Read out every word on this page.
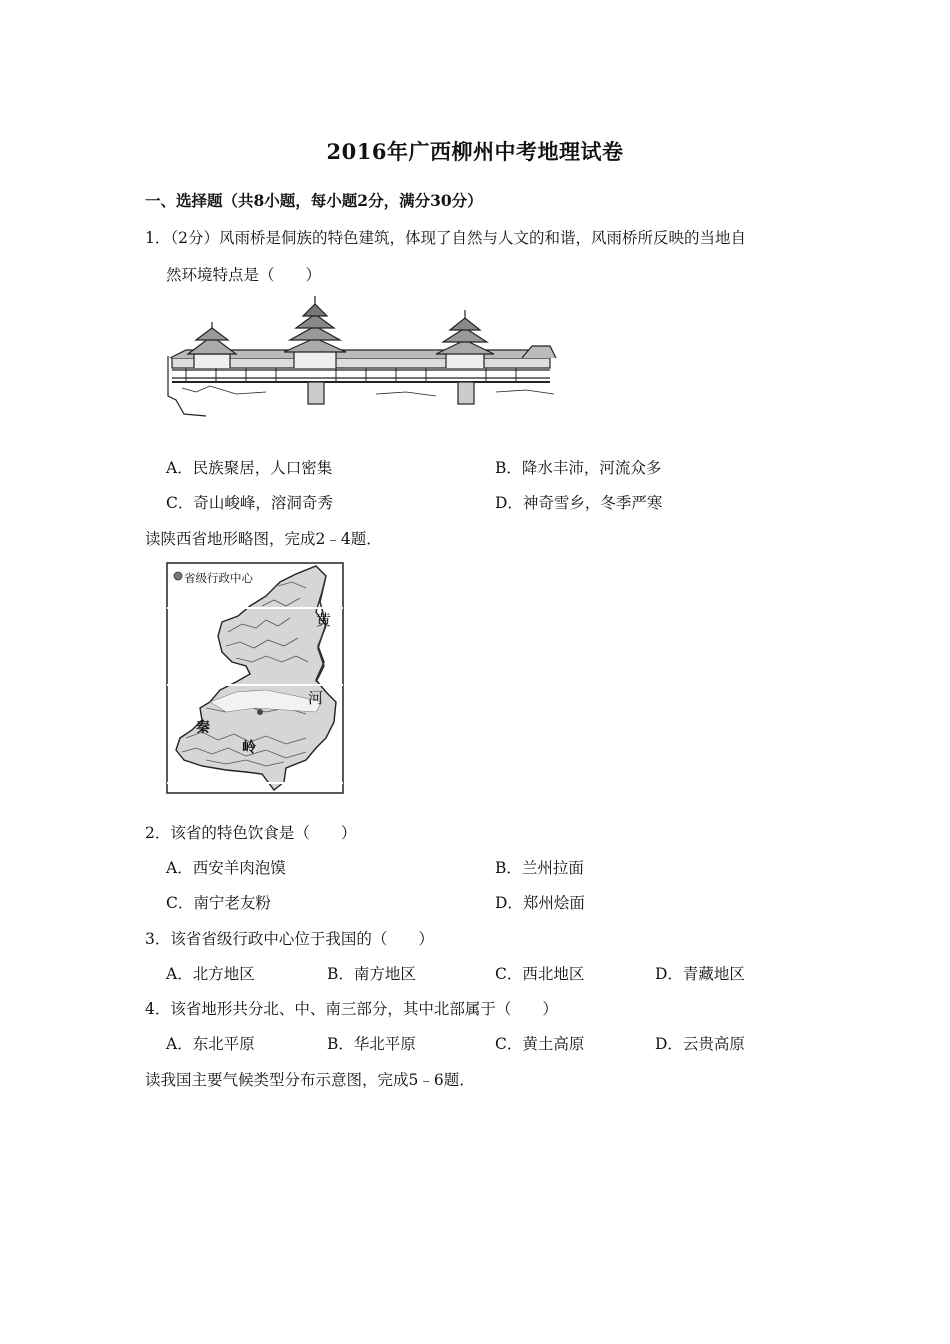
2016年广西柳州中考地理试卷
一、选择题（共8小题，每小题2分，满分30分）
1．（2分）风雨桥是侗族的特色建筑，体现了自然与人文的和谐，风雨桥所反映的当地自
然环境特点是（　　）
A．民族聚居，人口密集	B．降水丰沛，河流众多
C．奇山峻峰，溶洞奇秀	D．神奇雪乡，冬季严寒
读陕西省地形略图，完成2﹣4题．
省级行政中心
黄
河
秦
岭
2．该省的特色饮食是（　　）
A．西安羊肉泡馍	B．兰州拉面
C．南宁老友粉	D．郑州烩面
3．该省省级行政中心位于我国的（　　）
A．北方地区	B．南方地区	C．西北地区	D．青藏地区
4．该省地形共分北、中、南三部分，其中北部属于（　　）
A．东北平原	B．华北平原	C．黄土高原	D．云贵高原
读我国主要气候类型分布示意图，完成5﹣6题．
